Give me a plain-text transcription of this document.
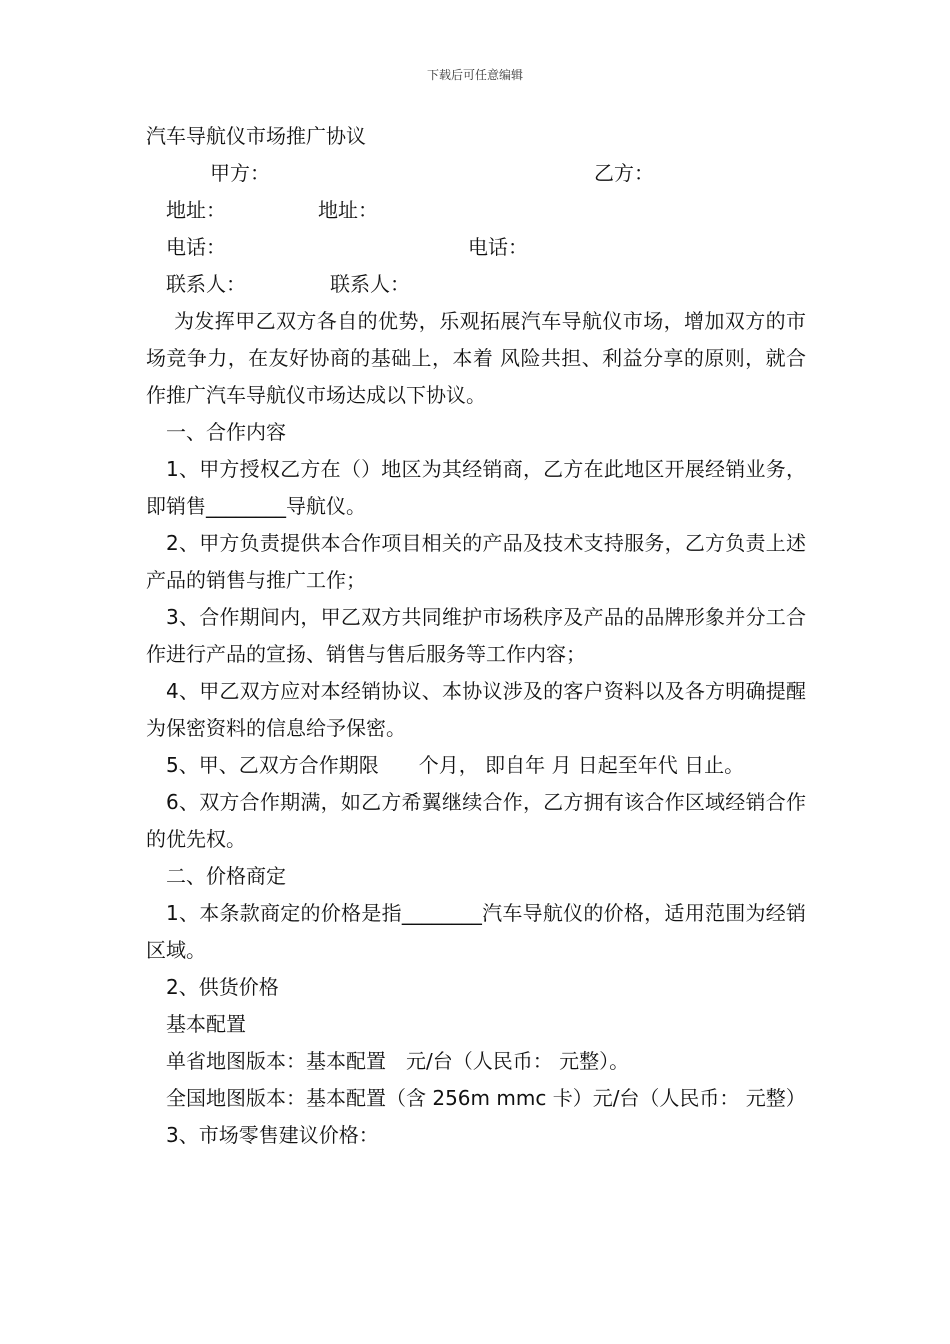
下载后可任意编辑

汽车导航仪市场推广协议

甲方：	乙方：
地址：	地址：
电话：	电话：
联系人：	联系人：

为发挥甲乙双方各自的优势，乐观拓展汽车导航仪市场，增加双方的市场竞争力，在友好协商的基础上，本着 风险共担、利益分享的原则，就合作推广汽车导航仪市场达成以下协议。

一、合作内容

1、甲方授权乙方在（）地区为其经销商，乙方在此地区开展经销业务，即销售________导航仪。

2、甲方负责提供本合作项目相关的产品及技术支持服务，乙方负责上述产品的销售与推广工作；

3、合作期间内，甲乙双方共同维护市场秩序及产品的品牌形象并分工合作进行产品的宣扬、销售与售后服务等工作内容；

4、甲乙双方应对本经销协议、本协议涉及的客户资料以及各方明确提醒为保密资料的信息给予保密。

5、甲、乙双方合作期限　　个月， 即自年 月 日起至年代 日止。

6、双方合作期满，如乙方希翼继续合作，乙方拥有该合作区域经销合作的优先权。

二、价格商定

1、本条款商定的价格是指________汽车导航仪的价格，适用范围为经销区域。

2、供货价格

基本配置

单省地图版本：基本配置　元/台（人民币： 元整）。

全国地图版本：基本配置（含 256m mmc 卡）元/台（人民币： 元整）

3、市场零售建议价格：
